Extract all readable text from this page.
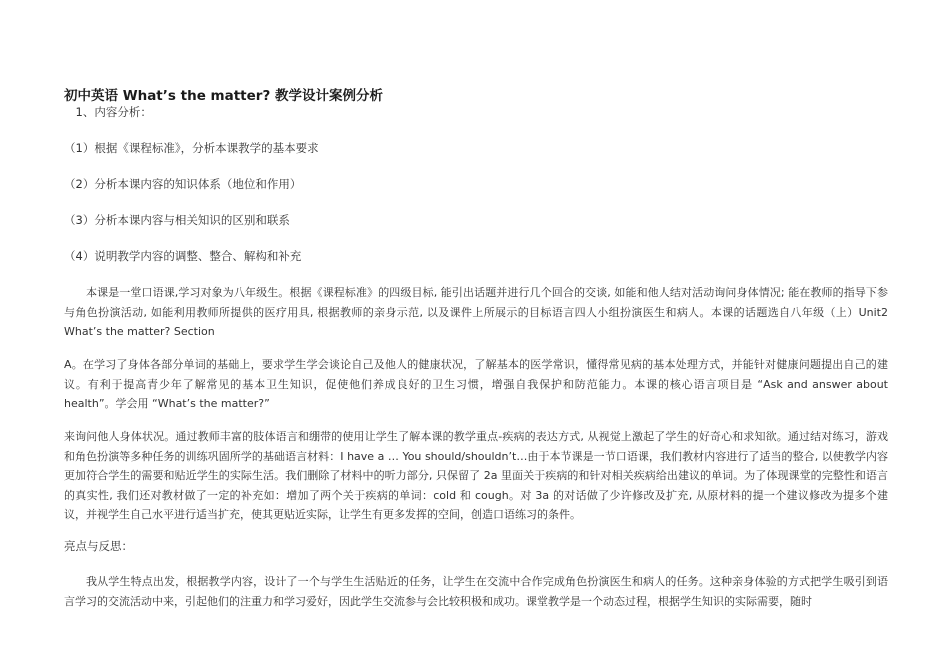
初中英语 What’s the matter? 教学设计案例分析
　1、内容分析：
（1）根据《课程标准》，分析本课教学的基本要求
（2）分析本课内容的知识体系（地位和作用）
（3）分析本课内容与相关知识的区别和联系
（4）说明教学内容的调整、整合、解构和补充
本课是一堂口语课,学习对象为八年级生。根据《课程标准》的四级目标, 能引出话题并进行几个回合的交谈, 如能和他人结对活动询问身体情况; 能在教师的指导下参与角色扮演活动, 如能利用教师所提供的医疗用具, 根据教师的亲身示范, 以及课件上所展示的目标语言四人小组扮演医生和病人。本课的话题选自八年级（上）Unit2 What’s the matter? Section
A。在学习了身体各部分单词的基础上，要求学生学会谈论自己及他人的健康状况，了解基本的医学常识，懂得常见病的基本处理方式，并能针对健康问题提出自己的建议。有利于提高青少年了解常见的基本卫生知识，促使他们养成良好的卫生习惯，增强自我保护和防范能力。本课的核心语言项目是 “Ask and answer about health”。学会用 “What’s the matter?”
来询问他人身体状况。通过教师丰富的肢体语言和绷带的使用让学生了解本课的教学重点-疾病的表达方式, 从视觉上激起了学生的好奇心和求知欲。通过结对练习，游戏和角色扮演等多种任务的训练巩固所学的基础语言材料：I have a … You should/shouldn’t…由于本节课是一节口语课，我们教材内容进行了适当的整合, 以使教学内容更加符合学生的需要和贴近学生的实际生活。我们删除了材料中的听力部分, 只保留了 2a 里面关于疾病的和针对相关疾病给出建议的单词。为了体现课堂的完整性和语言的真实性, 我们还对教材做了一定的补充如：增加了两个关于疾病的单词：cold 和 cough。对 3a 的对话做了少许修改及扩充, 从原材料的提一个建议修改为提多个建议，并视学生自己水平进行适当扩充，使其更贴近实际，让学生有更多发挥的空间，创造口语练习的条件。
亮点与反思：
我从学生特点出发，根据教学内容，设计了一个与学生生活贴近的任务，让学生在交流中合作完成角色扮演医生和病人的任务。这种亲身体验的方式把学生吸引到语言学习的交流活动中来，引起他们的注重力和学习爱好，因此学生交流参与会比较积极和成功。课堂教学是一个动态过程，根据学生知识的实际需要，随时
